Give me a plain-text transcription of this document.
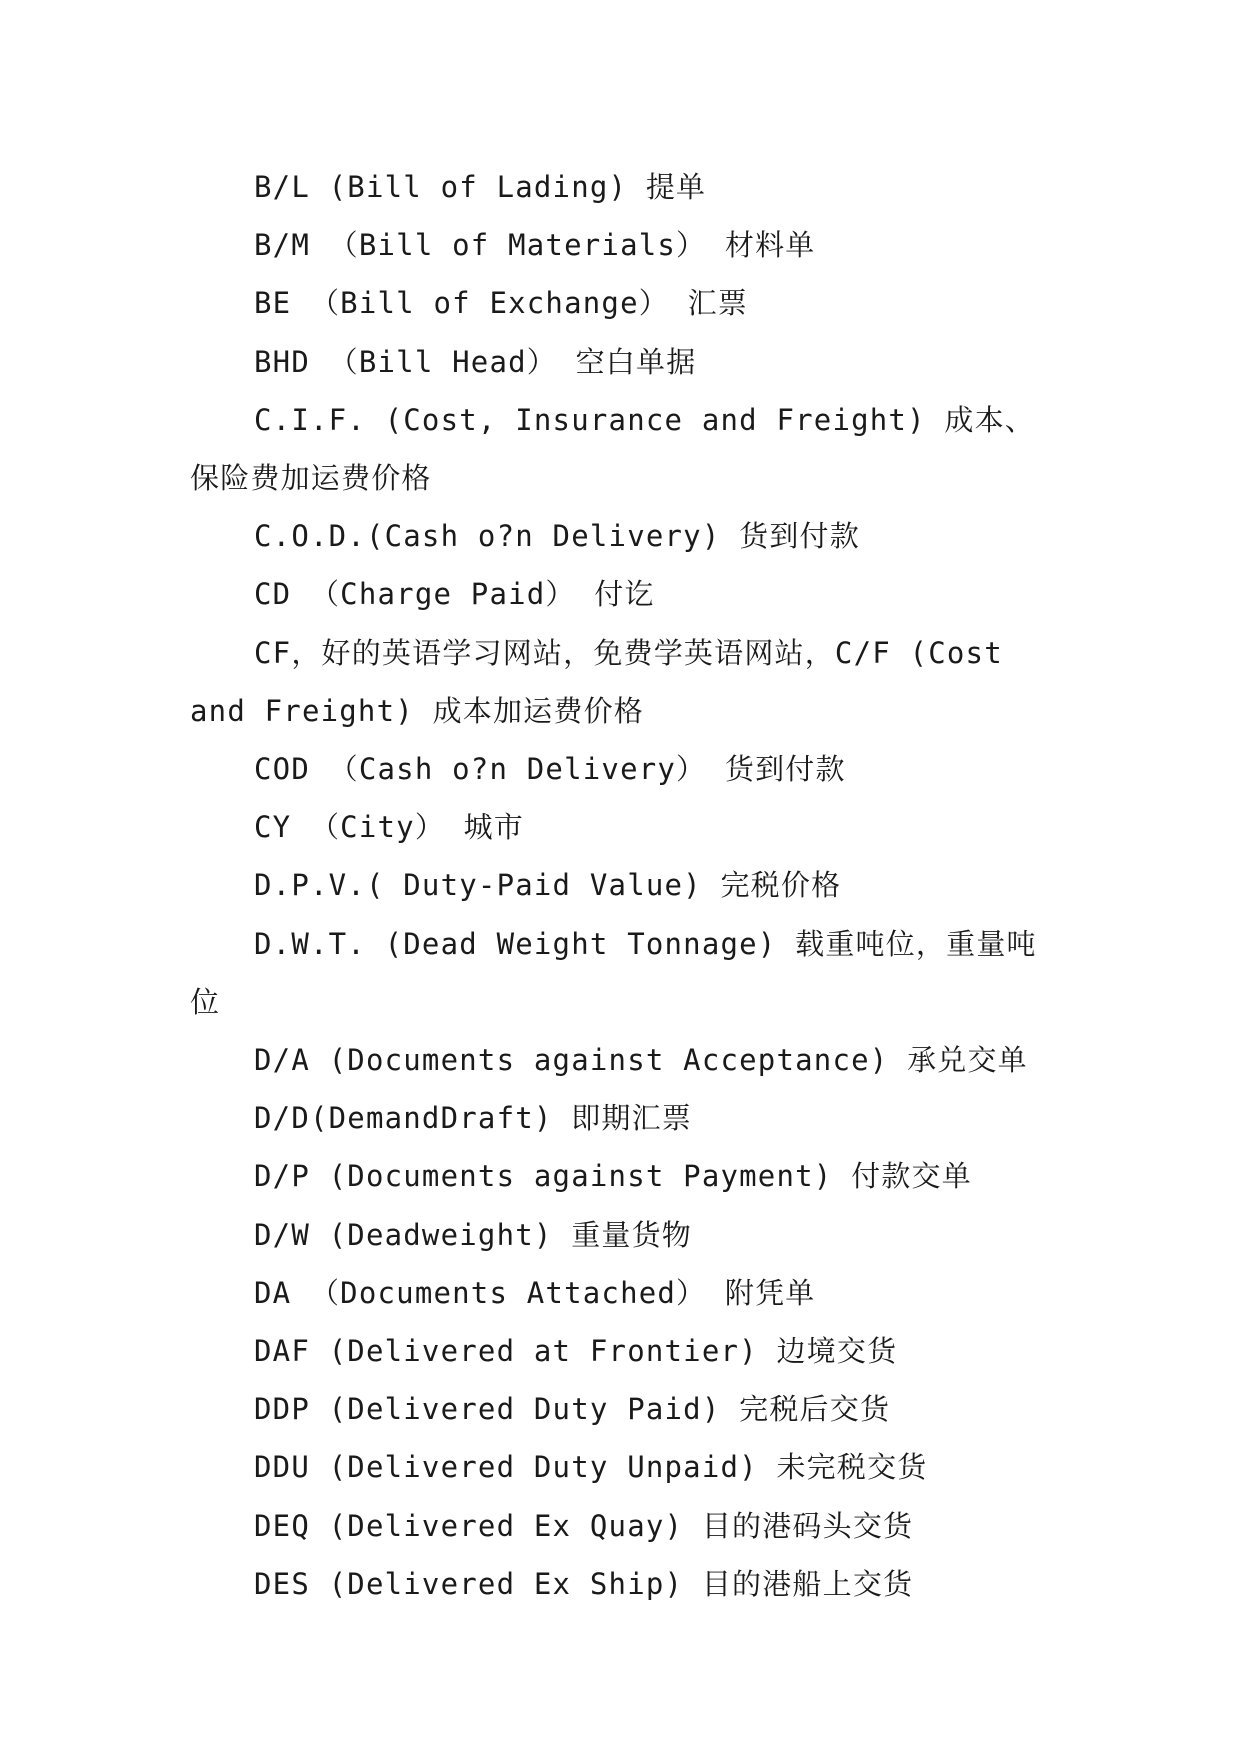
B/L (Bill of Lading) 提单

B/M （Bill of Materials） 材料单

BE （Bill of Exchange） 汇票

BHD （Bill Head） 空白单据

C.I.F. (Cost, Insurance and Freight) 成本、保险费加运费价格

C.O.D.(Cash o?n Delivery) 货到付款

CD （Charge Paid） 付讫

CF，好的英语学习网站，免费学英语网站，C/F (Cost and Freight) 成本加运费价格

COD （Cash o?n Delivery） 货到付款

CY （City） 城市

D.P.V.( Duty-Paid Value) 完税价格

D.W.T. (Dead Weight Tonnage) 载重吨位，重量吨位

D/A (Documents against Acceptance) 承兑交单

D/D(DemandDraft) 即期汇票

D/P (Documents against Payment) 付款交单

D/W (Deadweight) 重量货物

DA （Documents Attached） 附凭单

DAF (Delivered at Frontier) 边境交货

DDP (Delivered Duty Paid) 完税后交货

DDU (Delivered Duty Unpaid) 未完税交货

DEQ (Delivered Ex Quay) 目的港码头交货

DES (Delivered Ex Ship) 目的港船上交货
